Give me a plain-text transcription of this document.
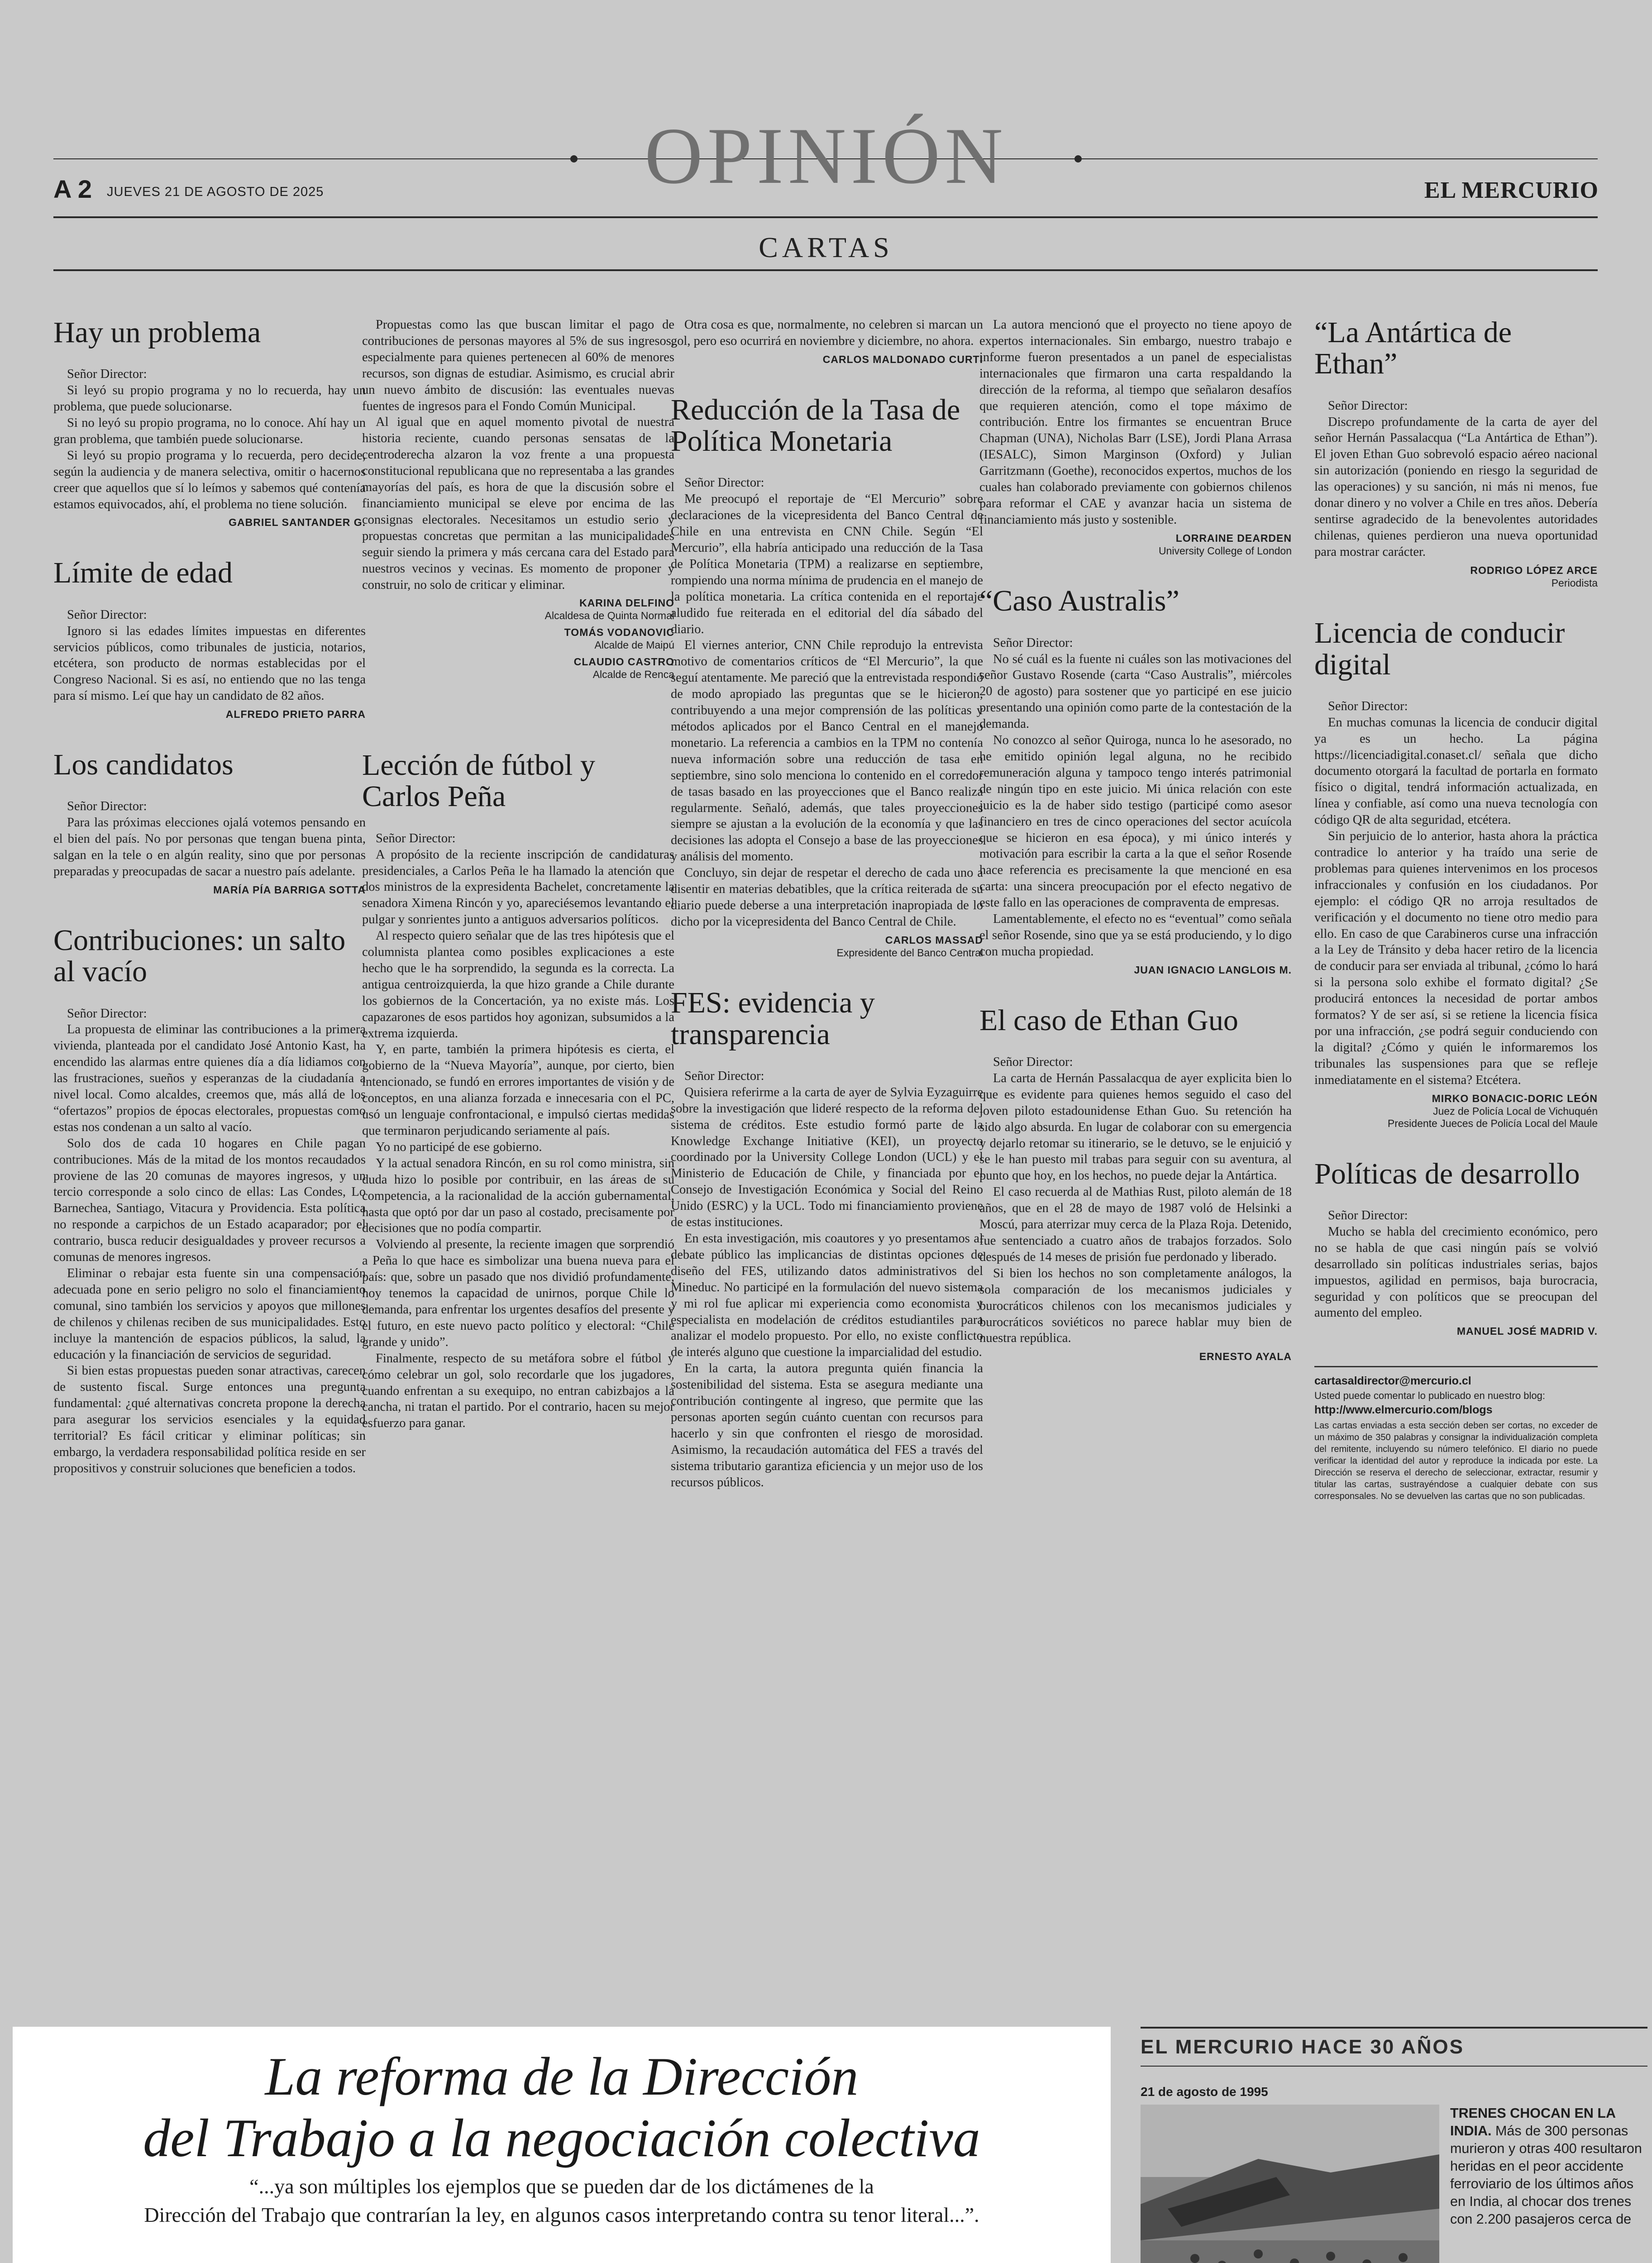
OPINIÓN
A 2 JUEVES 21 DE AGOSTO DE 2025	EL MERCURIO
CARTAS
Hay un problema

Señor Director:

Si leyó su propio programa y no lo recuerda, hay un problema, que puede solucionarse.

Si no leyó su propio programa, no lo conoce. Ahí hay un gran problema, que también puede solucionarse.

Si leyó su propio programa y lo recuerda, pero decide, según la audiencia y de manera selectiva, omitir o hacernos creer que aquellos que sí lo leímos y sabemos qué contenía estamos equivocados, ahí, el problema no tiene solución.

GABRIEL SANTANDER G.
Límite de edad

Señor Director:

Ignoro si las edades límites impuestas en diferentes servicios públicos, como tribunales de justicia, notarios, etcétera, son producto de normas establecidas por el Congreso Nacional. Si es así, no entiendo que no las tenga para sí mismo. Leí que hay un candidato de 82 años.

ALFREDO PRIETO PARRA
Los candidatos

Señor Director:

Para las próximas elecciones ojalá votemos pensando en el bien del país. No por personas que tengan buena pinta, salgan en la tele o en algún reality, sino que por personas preparadas y preocupadas de sacar a nuestro país adelante.

MARÍA PÍA BARRIGA SOTTA
Contribuciones: un salto al vacío

Señor Director:

La propuesta de eliminar las contribuciones a la primera vivienda, planteada por el candidato José Antonio Kast, ha encendido las alarmas entre quienes día a día lidiamos con las frustraciones, sueños y esperanzas de la ciudadanía a nivel local. Como alcaldes, creemos que, más allá de los “ofertazos” propios de épocas electorales, propuestas como estas nos condenan a un salto al vacío.

Solo dos de cada 10 hogares en Chile pagan contribuciones. Más de la mitad de los montos recaudados proviene de las 20 comunas de mayores ingresos, y un tercio corresponde a solo cinco de ellas: Las Condes, Lo Barnechea, Santiago, Vitacura y Providencia. Esta política no responde a carpichos de un Estado acaparador; por el contrario, busca reducir desigualdades y proveer recursos a comunas de menores ingresos.

Eliminar o rebajar esta fuente sin una compensación adecuada pone en serio peligro no solo el financiamiento comunal, sino también los servicios y apoyos que millones de chilenos y chilenas reciben de sus municipalidades. Esto incluye la mantención de espacios públicos, la salud, la educación y la financiación de servicios de seguridad.

Si bien estas propuestas pueden sonar atractivas, carecen de sustento fiscal. Surge entonces una pregunta fundamental: ¿qué alternativas concreta propone la derecha para asegurar los servicios esenciales y la equidad territorial? Es fácil criticar y eliminar políticas; sin embargo, la verdadera responsabilidad política reside en ser propositivos y construir soluciones que beneficien a todos.

Propuestas como las que buscan limitar el pago de contribuciones de personas mayores al 5% de sus ingresos, especialmente para quienes pertenecen al 60% de menores recursos, son dignas de estudiar. Asimismo, es crucial abrir un nuevo ámbito de discusión: las eventuales nuevas fuentes de ingresos para el Fondo Común Municipal.

Al igual que en aquel momento pivotal de nuestra historia reciente, cuando personas sensatas de la centroderecha alzaron la voz frente a una propuesta constitucional republicana que no representaba a las grandes mayorías del país, es hora de que la discusión sobre el financiamiento municipal se eleve por encima de las consignas electorales. Necesitamos un estudio serio y propuestas concretas que permitan a las municipalidades seguir siendo la primera y más cercana cara del Estado para nuestros vecinos y vecinas. Es momento de proponer y construir, no solo de criticar y eliminar.

KARINA DELFINO
Alcaldesa de Quinta Normal
TOMÁS VODANOVIC
Alcalde de Maipú
CLAUDIO CASTRO
Alcalde de Renca
Lección de fútbol y Carlos Peña

Señor Director:

A propósito de la reciente inscripción de candidaturas presidenciales, a Carlos Peña le ha llamado la atención que dos ministros de la expresidenta Bachelet, concretamente la senadora Ximena Rincón y yo, apareciésemos levantando el pulgar y sonrientes junto a antiguos adversarios políticos.

Al respecto quiero señalar que de las tres hipótesis que el columnista plantea como posibles explicaciones a este hecho que le ha sorprendido, la segunda es la correcta. La antigua centroizquierda, la que hizo grande a Chile durante los gobiernos de la Concertación, ya no existe más. Los capazarones de esos partidos hoy agonizan, subsumidos a la extrema izquierda.

Y, en parte, también la primera hipótesis es cierta, el gobierno de la “Nueva Mayoría”, aunque, por cierto, bien intencionado, se fundó en errores importantes de visión y de conceptos, en una alianza forzada e innecesaria con el PC, usó un lenguaje confrontacional, e impulsó ciertas medidas que terminaron perjudicando seriamente al país.

Yo no participé de ese gobierno.

Y la actual senadora Rincón, en su rol como ministra, sin duda hizo lo posible por contribuir, en las áreas de su competencia, a la racionalidad de la acción gubernamental, hasta que optó por dar un paso al costado, precisamente por decisiones que no podía compartir.

Volviendo al presente, la reciente imagen que sorprendió a Peña lo que hace es simbolizar una buena nueva para el país: que, sobre un pasado que nos dividió profundamente, hoy tenemos la capacidad de unirnos, porque Chile lo demanda, para enfrentar los urgentes desafíos del presente y el futuro, en este nuevo pacto político y electoral: “Chile grande y unido”.

Finalmente, respecto de su metáfora sobre el fútbol y cómo celebrar un gol, solo recordarle que los jugadores, cuando enfrentan a su exequipo, no entran cabizbajos a la cancha, ni tratan el partido. Por el contrario, hacen su mejor esfuerzo para ganar.

Otra cosa es que, normalmente, no celebren si marcan un gol, pero eso ocurrirá en noviembre y diciembre, no ahora.

CARLOS MALDONADO CURTI
Reducción de la Tasa de Política Monetaria

Señor Director:

Me preocupó el reportaje de “El Mercurio” sobre declaraciones de la vicepresidenta del Banco Central de Chile en una entrevista en CNN Chile. Según “El Mercurio”, ella habría anticipado una reducción de la Tasa de Política Monetaria (TPM) a realizarse en septiembre, rompiendo una norma mínima de prudencia en el manejo de la política monetaria. La crítica contenida en el reportaje aludido fue reiterada en el editorial del día sábado del diario.

El viernes anterior, CNN Chile reprodujo la entrevista motivo de comentarios críticos de “El Mercurio”, la que seguí atentamente. Me pareció que la entrevistada respondió de modo apropiado las preguntas que se le hicieron, contribuyendo a una mejor comprensión de las políticas y métodos aplicados por el Banco Central en el manejo monetario. La referencia a cambios en la TPM no contenía nueva información sobre una reducción de tasa en septiembre, sino solo menciona lo contenido en el corredor de tasas basado en las proyecciones que el Banco realiza regularmente. Señaló, además, que tales proyecciones siempre se ajustan a la evolución de la economía y que las decisiones las adopta el Consejo a base de las proyecciones y análisis del momento.

Concluyo, sin dejar de respetar el derecho de cada uno a disentir en materias debatibles, que la crítica reiterada de su diario puede deberse a una interpretación inapropiada de lo dicho por la vicepresidenta del Banco Central de Chile.

CARLOS MASSAD
Expresidente del Banco Central
FES: evidencia y transparencia

Señor Director:

Quisiera referirme a la carta de ayer de Sylvia Eyzaguirre sobre la investigación que lideré respecto de la reforma del sistema de créditos. Este estudio formó parte de la Knowledge Exchange Initiative (KEI), un proyecto coordinado por la University College London (UCL) y el Ministerio de Educación de Chile, y financiada por el Consejo de Investigación Económica y Social del Reino Unido (ESRC) y la UCL. Todo mi financiamiento proviene de estas instituciones.

En esta investigación, mis coautores y yo presentamos al debate público las implicancias de distintas opciones de diseño del FES, utilizando datos administrativos del Mineduc. No participé en la formulación del nuevo sistema y mi rol fue aplicar mi experiencia como economista y especialista en modelación de créditos estudiantiles para analizar el modelo propuesto. Por ello, no existe conflicto de interés alguno que cuestione la imparcialidad del estudio.

En la carta, la autora pregunta quién financia la sostenibilidad del sistema. Esta se asegura mediante una contribución contingente al ingreso, que permite que las personas aporten según cuánto cuentan con recursos para hacerlo y sin que confronten el riesgo de morosidad. Asimismo, la recaudación automática del FES a través del sistema tributario garantiza eficiencia y un mejor uso de los recursos públicos.

La autora mencionó que el proyecto no tiene apoyo de expertos internacionales. Sin embargo, nuestro trabajo e informe fueron presentados a un panel de especialistas internacionales que firmaron una carta respaldando la dirección de la reforma, al tiempo que señalaron desafíos que requieren atención, como el tope máximo de contribución. Entre los firmantes se encuentran Bruce Chapman (UNA), Nicholas Barr (LSE), Jordi Plana Arrasa (IESALC), Simon Marginson (Oxford) y Julian Garritzmann (Goethe), reconocidos expertos, muchos de los cuales han colaborado previamente con gobiernos chilenos para reformar el CAE y avanzar hacia un sistema de financiamiento más justo y sostenible.

LORRAINE DEARDEN
University College of London
“Caso Australis”

Señor Director:

No sé cuál es la fuente ni cuáles son las motivaciones del señor Gustavo Rosende (carta “Caso Australis”, miércoles 20 de agosto) para sostener que yo participé en ese juicio presentando una opinión como parte de la contestación de la demanda.

No conozco al señor Quiroga, nunca lo he asesorado, no he emitido opinión legal alguna, no he recibido remuneración alguna y tampoco tengo interés patrimonial de ningún tipo en este juicio. Mi única relación con este juicio es la de haber sido testigo (participé como asesor financiero en tres de cinco operaciones del sector acuícola que se hicieron en esa época), y mi único interés y motivación para escribir la carta a la que el señor Rosende hace referencia es precisamente la que mencioné en esa carta: una sincera preocupación por el efecto negativo de este fallo en las operaciones de compraventa de empresas.

Lamentablemente, el efecto no es “eventual” como señala el señor Rosende, sino que ya se está produciendo, y lo digo con mucha propiedad.

JUAN IGNACIO LANGLOIS M.
El caso de Ethan Guo

Señor Director:

La carta de Hernán Passalacqua de ayer explicita bien lo que es evidente para quienes hemos seguido el caso del joven piloto estadounidense Ethan Guo. Su retención ha sido algo absurda. En lugar de colaborar con su emergencia y dejarlo retomar su itinerario, se le detuvo, se le enjuició y se le han puesto mil trabas para seguir con su aventura, al punto que hoy, en los hechos, no puede dejar la Antártica.

El caso recuerda al de Mathias Rust, piloto alemán de 18 años, que en el 28 de mayo de 1987 voló de Helsinki a Moscú, para aterrizar muy cerca de la Plaza Roja. Detenido, fue sentenciado a cuatro años de trabajos forzados. Solo después de 14 meses de prisión fue perdonado y liberado.

Si bien los hechos no son completamente análogos, la sola comparación de los mecanismos judiciales y burocráticos chilenos con los mecanismos judiciales y burocráticos soviéticos no parece hablar muy bien de nuestra república.

ERNESTO AYALA
“La Antártica de Ethan”

Señor Director:

Discrepo profundamente de la carta de ayer del señor Hernán Passalacqua (“La Antártica de Ethan”). El joven Ethan Guo sobrevoló espacio aéreo nacional sin autorización (poniendo en riesgo la seguridad de las operaciones) y su sanción, ni más ni menos, fue donar dinero y no volver a Chile en tres años. Debería sentirse agradecido de la benevolentes autoridades chilenas, quienes perdieron una nueva oportunidad para mostrar carácter.

RODRIGO LÓPEZ ARCE
Periodista
Licencia de conducir digital

Señor Director:

En muchas comunas la licencia de conducir digital ya es un hecho. La página https://licenciadigital.conaset.cl/ señala que dicho documento otorgará la facultad de portarla en formato físico o digital, tendrá información actualizada, en línea y confiable, así como una nueva tecnología con código QR de alta seguridad, etcétera.

Sin perjuicio de lo anterior, hasta ahora la práctica contradice lo anterior y ha traído una serie de problemas para quienes intervenimos en los procesos infraccionales y confusión en los ciudadanos. Por ejemplo: el código QR no arroja resultados de verificación y el documento no tiene otro medio para ello. En caso de que Carabineros curse una infracción a la Ley de Tránsito y deba hacer retiro de la licencia de conducir para ser enviada al tribunal, ¿cómo lo hará si la persona solo exhibe el formato digital? ¿Se producirá entonces la necesidad de portar ambos formatos? Y de ser así, si se retiene la licencia física por una infracción, ¿se podrá seguir conduciendo con la digital? ¿Cómo y quién le informaremos los tribunales las suspensiones para que se refleje inmediatamente en el sistema? Etcétera.

MIRKO BONACIC-DORIC LEÓN
Juez de Policía Local de Vichuquén
Presidente Jueces de Policía Local del Maule
Políticas de desarrollo

Señor Director:

Mucho se habla del crecimiento económico, pero no se habla de que casi ningún país se volvió desarrollado sin políticas industriales serias, bajos impuestos, agilidad en permisos, baja burocracia, seguridad y con políticos que se preocupan del aumento del empleo.

MANUEL JOSÉ MADRID V.
cartasaldirector@mercurio.cl
Usted puede comentar lo publicado en nuestro blog:
http://www.elmercurio.com/blogs

Las cartas enviadas a esta sección deben ser cortas, no exceder de un máximo de 350 palabras y consignar la individualización completa del remitente, incluyendo su número telefónico. El diario no puede verificar la identidad del autor y reproduce la indicada por este. La Dirección se reserva el derecho de seleccionar, extractar, resumir y titular las cartas, sustrayéndose a cualquier debate con sus corresponsales. No se devuelven las cartas que no son publicadas.
La reforma de la Dirección
del Trabajo a la negociación colectiva
“...ya son múltiples los ejemplos que se pueden dar de los dictámenes de la
Dirección del Trabajo que contrarían la ley, en algunos casos interpretando contra su tenor literal...”.

EL MERCURIO HACE 30 AÑOS
21 de agosto de 1995

TRENES CHOCAN EN LA INDIA. Más de 300 personas murieron y otras 400 resultaron heridas en el peor accidente ferroviario de los últimos años en India, al chocar dos trenes con 2.200 pasajeros cerca de
